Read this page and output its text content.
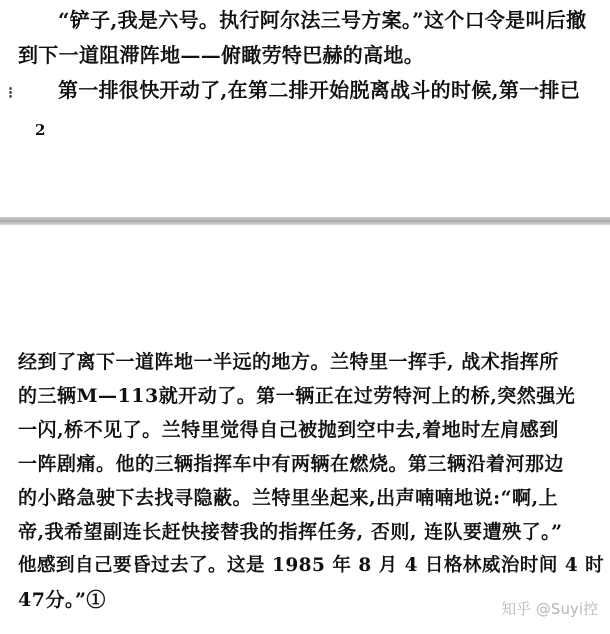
“铲子,我是六号。执行阿尔法三号方案。”这个口令是叫后撤
到下一道阻滞阵地——俯瞰劳特巴赫的高地。
⁝ 第一排很快开动了,在第二排开始脱离战斗的时候,第一排已
2
经到了离下一道阵地一半远的地方。兰特里一挥手, 战术指挥所
的三辆M—113就开动了。第一辆正在过劳特河上的桥,突然强光
一闪,桥不见了。兰特里觉得自己被抛到空中去,着地时左肩感到
一阵剧痛。他的三辆指挥车中有两辆在燃烧。第三辆沿着河那边
的小路急驶下去找寻隐蔽。兰特里坐起来,出声喃喃地说:“啊,上
帝,我希望副连长赶快接替我的指挥任务, 否则, 连队要遭殃了。”
他感到自己要昏过去了。这是 1985 年 8 月 4 日格林威治时间 4 时
47分。”①	知乎 @Suyi控
